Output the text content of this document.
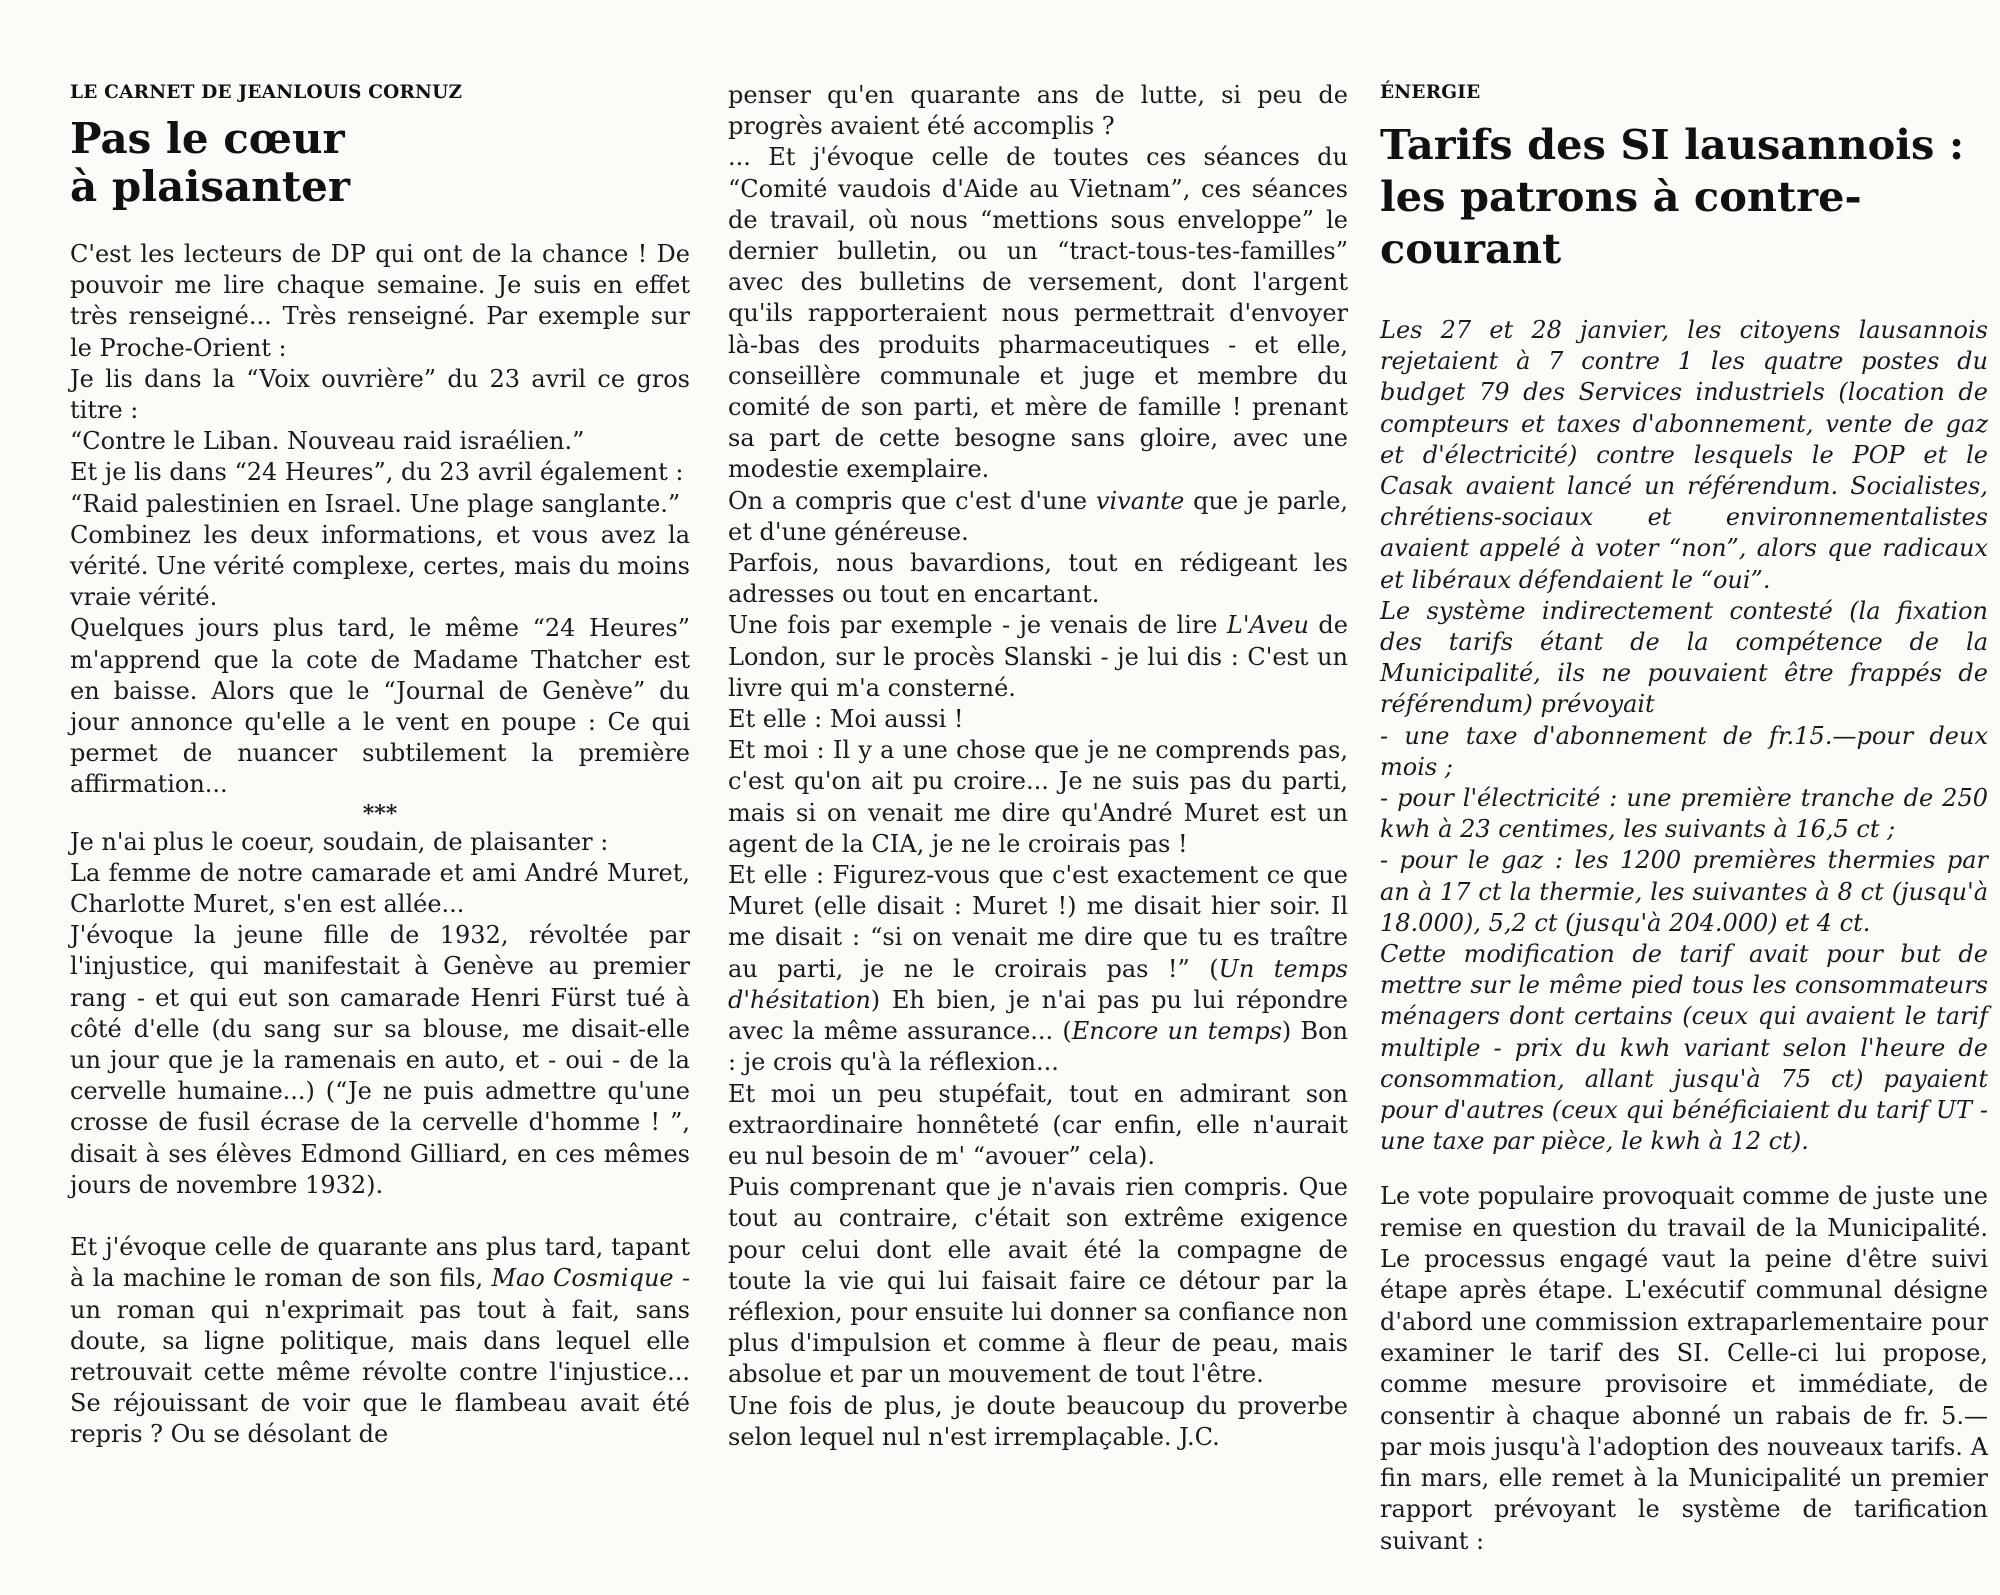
LE CARNET DE JEANLOUIS CORNUZ
Pas le cœur
à plaisanter

C'est les lecteurs de DP qui ont de la chance ! De pouvoir me lire chaque semaine. Je suis en effet très renseigné... Très renseigné. Par exemple sur le Proche-Orient :

Je lis dans la “Voix ouvrière” du 23 avril ce gros titre :

“Contre le Liban. Nouveau raid israélien.”

Et je lis dans “24 Heures”, du 23 avril également :

“Raid palestinien en Israel. Une plage sanglante.”

Combinez les deux informations, et vous avez la vérité. Une vérité complexe, certes, mais du moins vraie vérité.

Quelques jours plus tard, le même “24 Heures” m'apprend que la cote de Madame Thatcher est en baisse. Alors que le “Journal de Genève” du jour annonce qu'elle a le vent en poupe : Ce qui permet de nuancer subtilement la première affirmation...

***

Je n'ai plus le coeur, soudain, de plaisanter :

La femme de notre camarade et ami André Muret, Charlotte Muret, s'en est allée...

J'évoque la jeune fille de 1932, révoltée par l'injustice, qui manifestait à Genève au premier rang - et qui eut son camarade Henri Fürst tué à côté d'elle (du sang sur sa blouse, me disait-elle un jour que je la ramenais en auto, et - oui - de la cervelle humaine...) (“Je ne puis admettre qu'une crosse de fusil écrase de la cervelle d'homme ! ”, disait à ses élèves Edmond Gilliard, en ces mêmes jours de novembre 1932).

Et j'évoque celle de quarante ans plus tard, tapant à la machine le roman de son fils, Mao Cosmique - un roman qui n'exprimait pas tout à fait, sans doute, sa ligne politique, mais dans lequel elle retrouvait cette même révolte contre l'injustice... Se réjouissant de voir que le flambeau avait été repris ? Ou se désolant de

penser qu'en quarante ans de lutte, si peu de progrès avaient été accomplis ?

... Et j'évoque celle de toutes ces séances du “Comité vaudois d'Aide au Vietnam”, ces séances de travail, où nous “mettions sous enveloppe” le dernier bulletin, ou un “tract-tous-tes-familles” avec des bulletins de versement, dont l'argent qu'ils rapporteraient nous permettrait d'envoyer là-bas des produits pharmaceutiques - et elle, conseillère communale et juge et membre du comité de son parti, et mère de famille ! prenant sa part de cette besogne sans gloire, avec une modestie exemplaire.

On a compris que c'est d'une vivante que je parle, et d'une généreuse.

Parfois, nous bavardions, tout en rédigeant les adresses ou tout en encartant.

Une fois par exemple - je venais de lire L'Aveu de London, sur le procès Slanski - je lui dis : C'est un livre qui m'a consterné.

Et elle : Moi aussi !

Et moi : Il y a une chose que je ne comprends pas, c'est qu'on ait pu croire... Je ne suis pas du parti, mais si on venait me dire qu'André Muret est un agent de la CIA, je ne le croirais pas !

Et elle : Figurez-vous que c'est exactement ce que Muret (elle disait : Muret !) me disait hier soir. Il me disait : “si on venait me dire que tu es traître au parti, je ne le croirais pas !” (Un temps d'hésitation) Eh bien, je n'ai pas pu lui répondre avec la même assurance... (Encore un temps) Bon : je crois qu'à la réflexion...

Et moi un peu stupéfait, tout en admirant son extraordinaire honnêteté (car enfin, elle n'aurait eu nul besoin de m' “avouer” cela).

Puis comprenant que je n'avais rien compris. Que tout au contraire, c'était son extrême exigence pour celui dont elle avait été la compagne de toute la vie qui lui faisait faire ce détour par la réflexion, pour ensuite lui donner sa confiance non plus d'impulsion et comme à fleur de peau, mais absolue et par un mouvement de tout l'être.

Une fois de plus, je doute beaucoup du proverbe selon lequel nul n'est irremplaçable. J.C.

ÉNERGIE
Tarifs des SI lausannois :
les patrons à contre-courant

Les 27 et 28 janvier, les citoyens lausannois rejetaient à 7 contre 1 les quatre postes du budget 79 des Services industriels (location de compteurs et taxes d'abonnement, vente de gaz et d'électricité) contre lesquels le POP et le Casak avaient lancé un référendum. Socialistes, chrétiens-sociaux et environnementalistes avaient appelé à voter “non”, alors que radicaux et libéraux défendaient le “oui”.

Le système indirectement contesté (la fixation des tarifs étant de la compétence de la Municipalité, ils ne pouvaient être frappés de référendum) prévoyait

- une taxe d'abonnement de fr.15.—pour deux mois ;

- pour l'électricité : une première tranche de 250 kwh à 23 centimes, les suivants à 16,5 ct ;

- pour le gaz : les 1200 premières thermies par an à 17 ct la thermie, les suivantes à 8 ct (jusqu'à 18.000), 5,2 ct (jusqu'à 204.000) et 4 ct.

Cette modification de tarif avait pour but de mettre sur le même pied tous les consommateurs ménagers dont certains (ceux qui avaient le tarif multiple - prix du kwh variant selon l'heure de consommation, allant jusqu'à 75 ct) payaient pour d'autres (ceux qui bénéficiaient du tarif UT - une taxe par pièce, le kwh à 12 ct).

Le vote populaire provoquait comme de juste une remise en question du travail de la Municipalité. Le processus engagé vaut la peine d'être suivi étape après étape. L'exécutif communal désigne d'abord une commission extraparlementaire pour examiner le tarif des SI. Celle-ci lui propose, comme mesure provisoire et immédiate, de consentir à chaque abonné un rabais de fr. 5.—par mois jusqu'à l'adoption des nouveaux tarifs. A fin mars, elle remet à la Municipalité un premier rapport prévoyant le système de tarification suivant :
